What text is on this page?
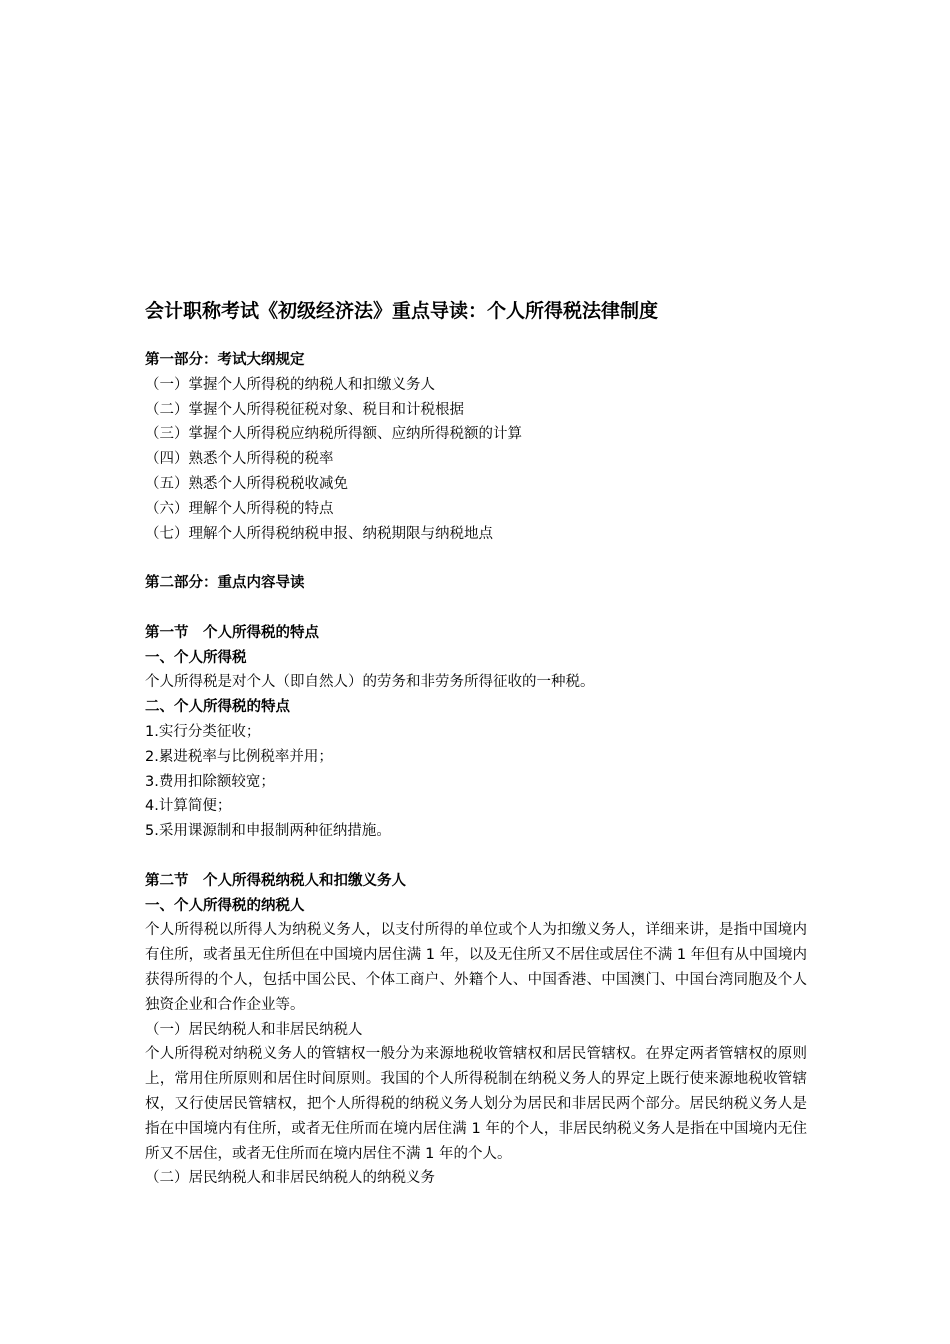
会计职称考试《初级经济法》重点导读：个人所得税法律制度
第一部分：考试大纲规定
（一）掌握个人所得税的纳税人和扣缴义务人
（二）掌握个人所得税征税对象、税目和计税根据
（三）掌握个人所得税应纳税所得额、应纳所得税额的计算
（四）熟悉个人所得税的税率
（五）熟悉个人所得税税收减免
（六）理解个人所得税的特点
（七）理解个人所得税纳税申报、纳税期限与纳税地点
第二部分：重点内容导读
第一节　个人所得税的特点
一、个人所得税
个人所得税是对个人（即自然人）的劳务和非劳务所得征收的一种税。
二、个人所得税的特点
1.实行分类征收；
2.累进税率与比例税率并用；
3.费用扣除额较宽；
4.计算简便；
5.采用课源制和申报制两种征纳措施。
第二节　个人所得税纳税人和扣缴义务人
一、个人所得税的纳税人

个人所得税以所得人为纳税义务人，以支付所得的单位或个人为扣缴义务人，详细来讲，是指中国境内有住所，或者虽无住所但在中国境内居住满 1 年，以及无住所又不居住或居住不满 1 年但有从中国境内获得所得的个人，包括中国公民、个体工商户、外籍个人、中国香港、中国澳门、中国台湾同胞及个人独资企业和合作企业等。

（一）居民纳税人和非居民纳税人

个人所得税对纳税义务人的管辖权一般分为来源地税收管辖权和居民管辖权。在界定两者管辖权的原则上，常用住所原则和居住时间原则。我国的个人所得税制在纳税义务人的界定上既行使来源地税收管辖权，又行使居民管辖权，把个人所得税的纳税义务人划分为居民和非居民两个部分。居民纳税义务人是指在中国境内有住所，或者无住所而在境内居住满 1 年的个人，非居民纳税义务人是指在中国境内无住所又不居住，或者无住所而在境内居住不满 1 年的个人。

（二）居民纳税人和非居民纳税人的纳税义务
